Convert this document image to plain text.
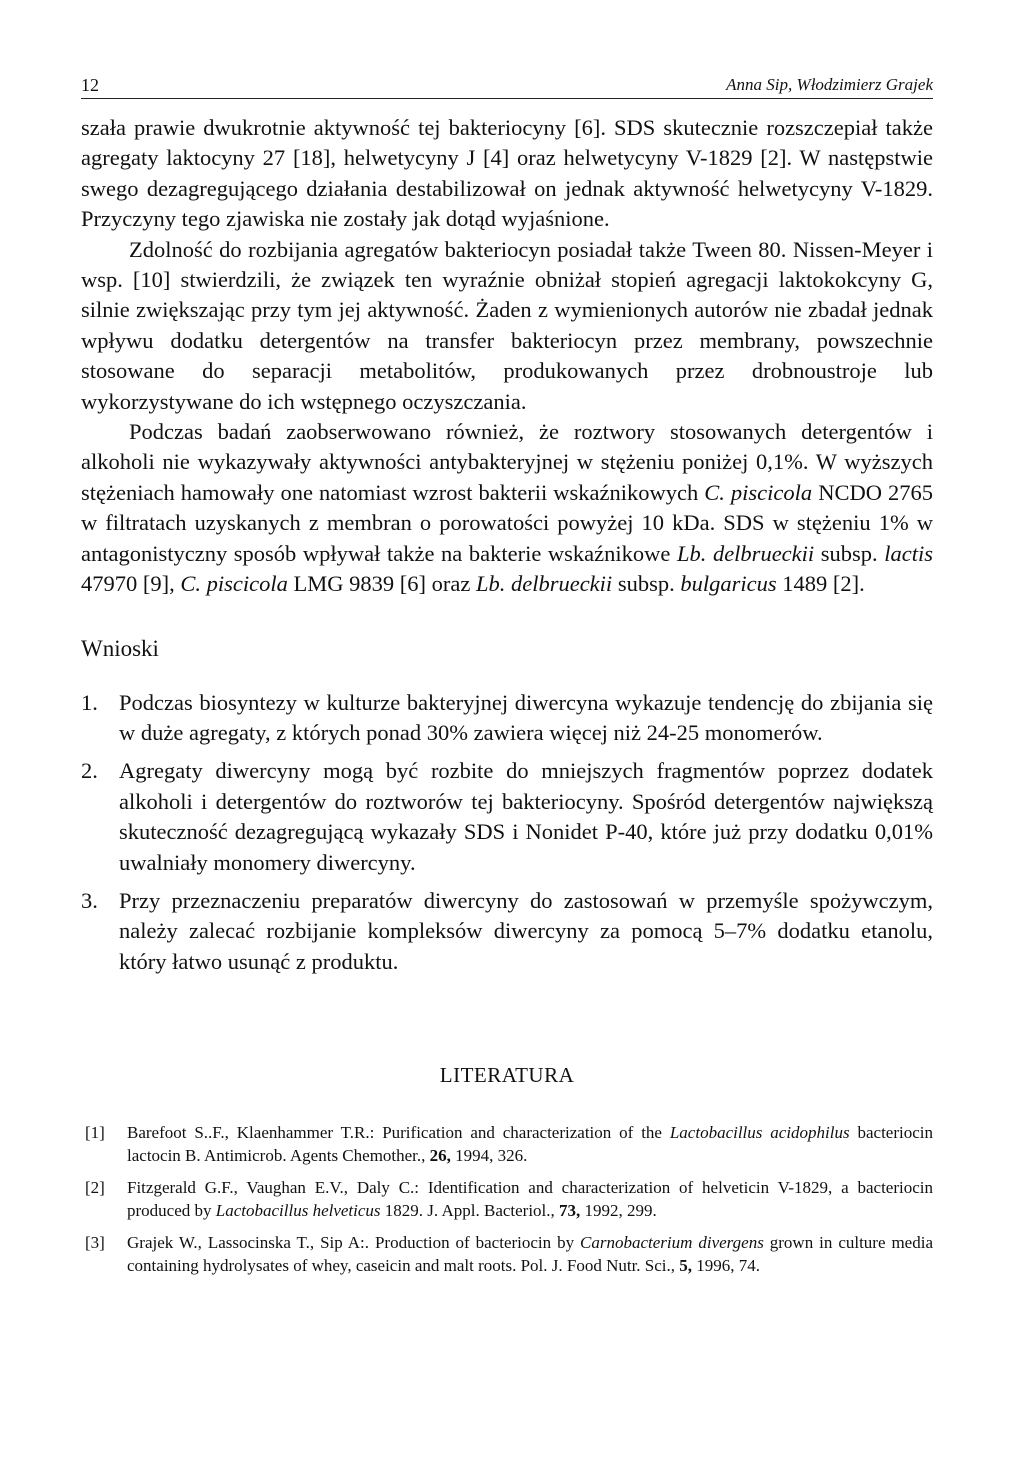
12	Anna Sip, Włodzimierz Grajek

szała prawie dwukrotnie aktywność tej bakteriocyny [6]. SDS skutecznie rozszczepiał także agregaty laktocyny 27 [18], helwetycyny J [4] oraz helwetycyny V-1829 [2]. W następstwie swego dezagregującego działania destabilizował on jednak aktywność helwetycyny V-1829. Przyczyny tego zjawiska nie zostały jak dotąd wyjaśnione.

Zdolność do rozbijania agregatów bakteriocyn posiadał także Tween 80. Nissen-Meyer i wsp. [10] stwierdzili, że związek ten wyraźnie obniżał stopień agregacji laktokokcyny G, silnie zwiększając przy tym jej aktywność. Żaden z wymienionych autorów nie zbadał jednak wpływu dodatku detergentów na transfer bakteriocyn przez membrany, powszechnie stosowane do separacji metabolitów, produkowanych przez drobnoustroje lub wykorzystywane do ich wstępnego oczyszczania.

Podczas badań zaobserwowano również, że roztwory stosowanych detergentów i alkoholi nie wykazywały aktywności antybakteryjnej w stężeniu poniżej 0,1%. W wyższych stężeniach hamowały one natomiast wzrost bakterii wskaźnikowych C. piscicola NCDO 2765 w filtratach uzyskanych z membran o porowatości powyżej 10 kDa. SDS w stężeniu 1% w antagonistyczny sposób wpływał także na bakterie wskaźnikowe Lb. delbrueckii subsp. lactis 47970 [9], C. piscicola LMG 9839 [6] oraz Lb. delbrueckii subsp. bulgaricus 1489 [2].

Wnioski
1. Podczas biosyntezy w kulturze bakteryjnej diwercyna wykazuje tendencję do zbijania się w duże agregaty, z których ponad 30% zawiera więcej niż 24-25 monomerów.
2. Agregaty diwercyny mogą być rozbite do mniejszych fragmentów poprzez dodatek alkoholi i detergentów do roztworów tej bakteriocyny. Spośród detergentów największą skuteczność dezagregującą wykazały SDS i Nonidet P-40, które już przy dodatku 0,01% uwalniały monomery diwercyny.
3. Przy przeznaczeniu preparatów diwercyny do zastosowań w przemyśle spożywczym, należy zalecać rozbijanie kompleksów diwercyny za pomocą 5–7% dodatku etanolu, który łatwo usunąć z produktu.
LITERATURA
[1]	Barefoot S..F., Klaenhammer T.R.: Purification and characterization of the Lactobacillus acidophilus bacteriocin lactocin B. Antimicrob. Agents Chemother., 26, 1994, 326.
[2]	Fitzgerald G.F., Vaughan E.V., Daly C.: Identification and characterization of helveticin V-1829, a bacteriocin produced by Lactobacillus helveticus 1829. J. Appl. Bacteriol., 73, 1992, 299.
[3]	Grajek W., Lassocinska T., Sip A:. Production of bacteriocin by Carnobacterium divergens grown in culture media containing hydrolysates of whey, caseicin and malt roots. Pol. J. Food Nutr. Sci., 5, 1996, 74.
